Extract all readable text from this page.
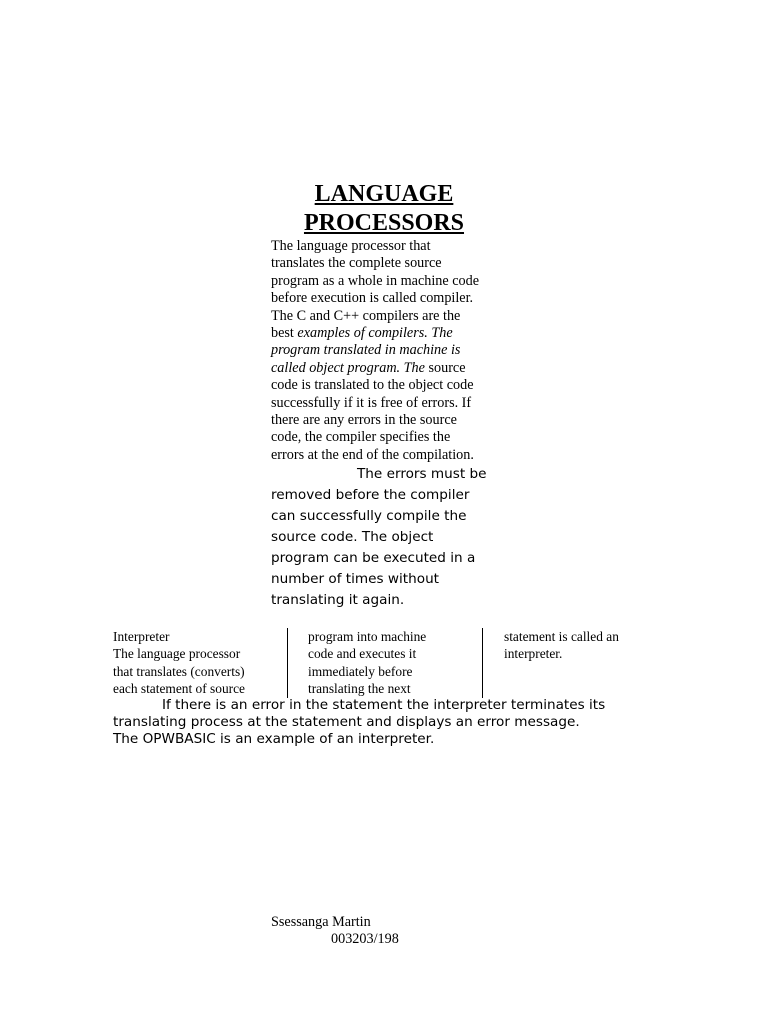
LANGUAGE
PROCESSORS
The language processor that
translates the complete source
program as a whole in machine code
before execution is called compiler.
The C and C++ compilers are the
best examples of compilers. The
program translated in machine is
called object program. The source
code is translated to the object code
successfully if it is free of errors. If
there are any errors in the source
code, the compiler specifies the
errors at the end of the compilation.
The errors must be
removed before the compiler
can successfully compile the
source code. The object
program can be executed in a
number of times without
translating it again.
Interpreter
The language processor
that translates (converts)
each statement of source
program into machine
code and executes it
immediately before
translating the next
statement is called an
interpreter.
If there is an error in the statement the interpreter terminates its
translating process at the statement and displays an error message.
The OPWBASIC is an example of an interpreter.
Ssessanga Martin
003203/198
